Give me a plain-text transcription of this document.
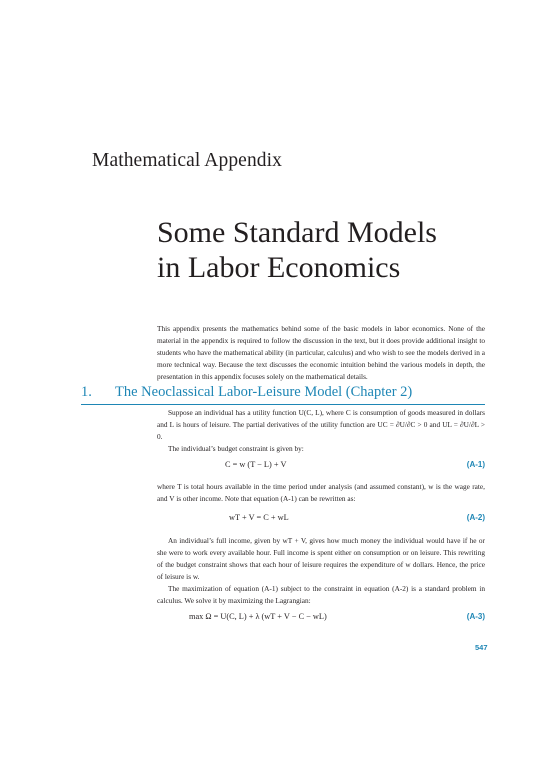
Mathematical Appendix
Some Standard Models
in Labor Economics

This appendix presents the mathematics behind some of the basic models in labor economics. None of the material in the appendix is required to follow the discussion in the text, but it does provide additional insight to students who have the mathematical ability (in particular, calculus) and who wish to see the models derived in a more technical way. Because the text discusses the economic intuition behind the various models in depth, the presentation in this appendix focuses solely on the mathematical details.

1. The Neoclassical Labor-Leisure Model (Chapter 2)

Suppose an individual has a utility function U(C, L), where C is consumption of goods measured in dollars and L is hours of leisure. The partial derivatives of the utility function are UC = ∂U/∂C > 0 and UL = ∂U/∂L > 0.

The individual’s budget constraint is given by:

C = w (T − L) + V	(A-1)

where T is total hours available in the time period under analysis (and assumed constant), w is the wage rate, and V is other income. Note that equation (A-1) can be rewritten as:

wT + V = C + wL	(A-2)

An individual’s full income, given by wT + V, gives how much money the individual would have if he or she were to work every available hour. Full income is spent either on consumption or on leisure. This rewriting of the budget constraint shows that each hour of leisure requires the expenditure of w dollars. Hence, the price of leisure is w.

The maximization of equation (A-1) subject to the constraint in equation (A-2) is a standard problem in calculus. We solve it by maximizing the Lagrangian:

max Ω = U(C, L) + λ (wT + V − C − wL)	(A-3)
547
